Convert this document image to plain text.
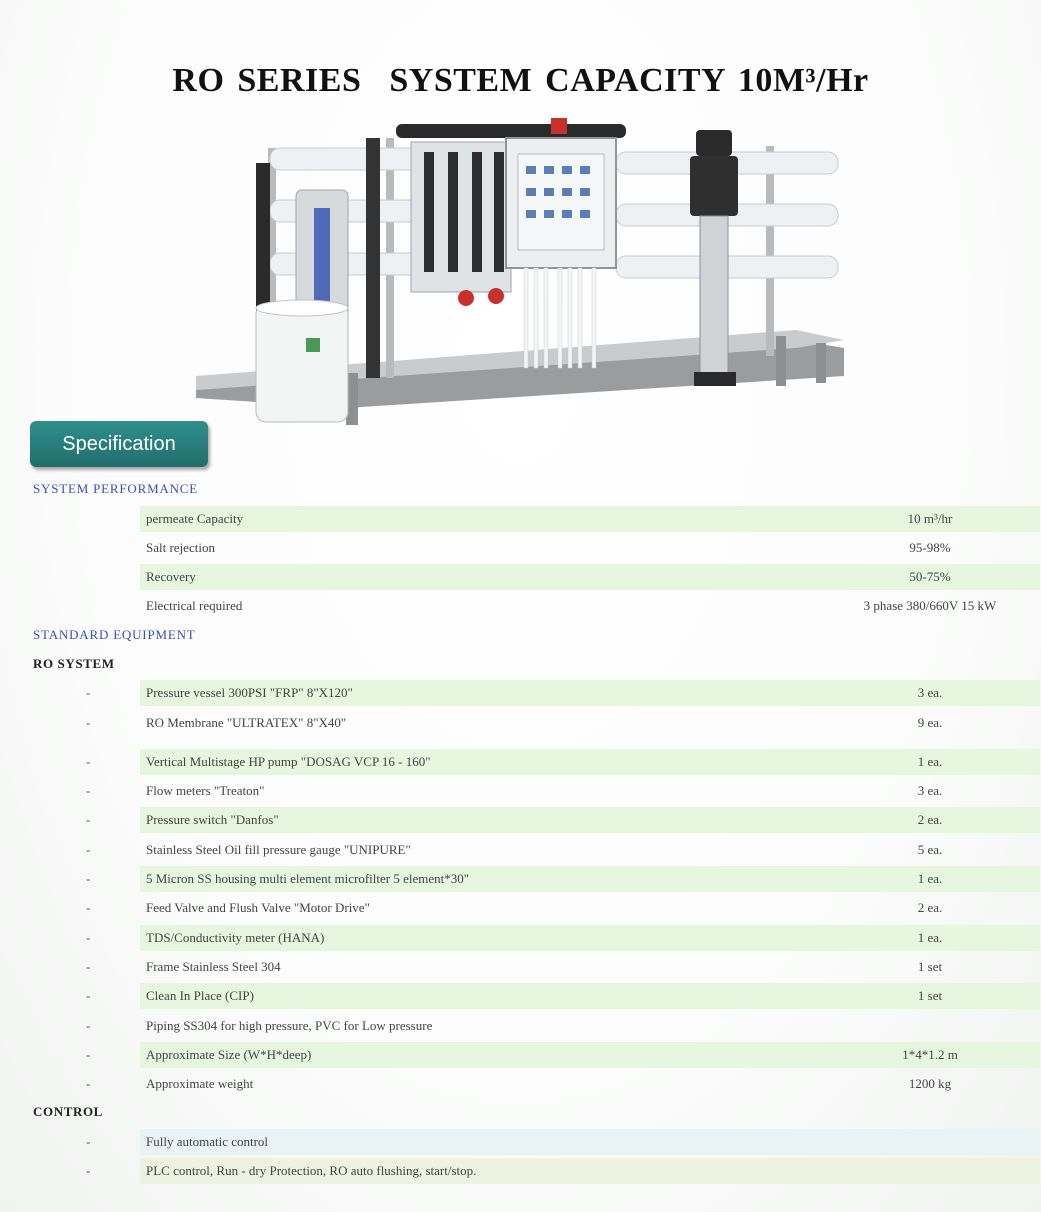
RO SERIES SYSTEM CAPACITY 10M³/Hr
Specification
SYSTEM PERFORMANCE
permeate Capacity	10 m³/hr
Salt rejection	95-98%
Recovery	50-75%
Electrical required	3 phase 380/660V 15 kW
STANDARD EQUIPMENT
RO SYSTEM
-	Pressure vessel 300PSI "FRP" 8"X120"	3 ea.
-	RO Membrane "ULTRATEX" 8"X40"	9 ea.
-	Vertical Multistage HP pump "DOSAG VCP 16 - 160"	1 ea.
-	Flow meters "Treaton"	3 ea.
-	Pressure switch "Danfos"	2 ea.
-	Stainless Steel Oil fill pressure gauge "UNIPURE"	5 ea.
-	5 Micron SS housing multi element microfilter 5 element*30"	1 ea.
-	Feed Valve and Flush Valve "Motor Drive"	2 ea.
-	TDS/Conductivity meter (HANA)	1 ea.
-	Frame Stainless Steel 304	1 set
-	Clean In Place (CIP)	1 set
-	Piping SS304 for high pressure, PVC for Low pressure
-	Approximate Size (W*H*deep)	1*4*1.2 m
-	Approximate weight	1200 kg
CONTROL
-	Fully automatic control
-	PLC control, Run - dry Protection, RO auto flushing, start/stop.
